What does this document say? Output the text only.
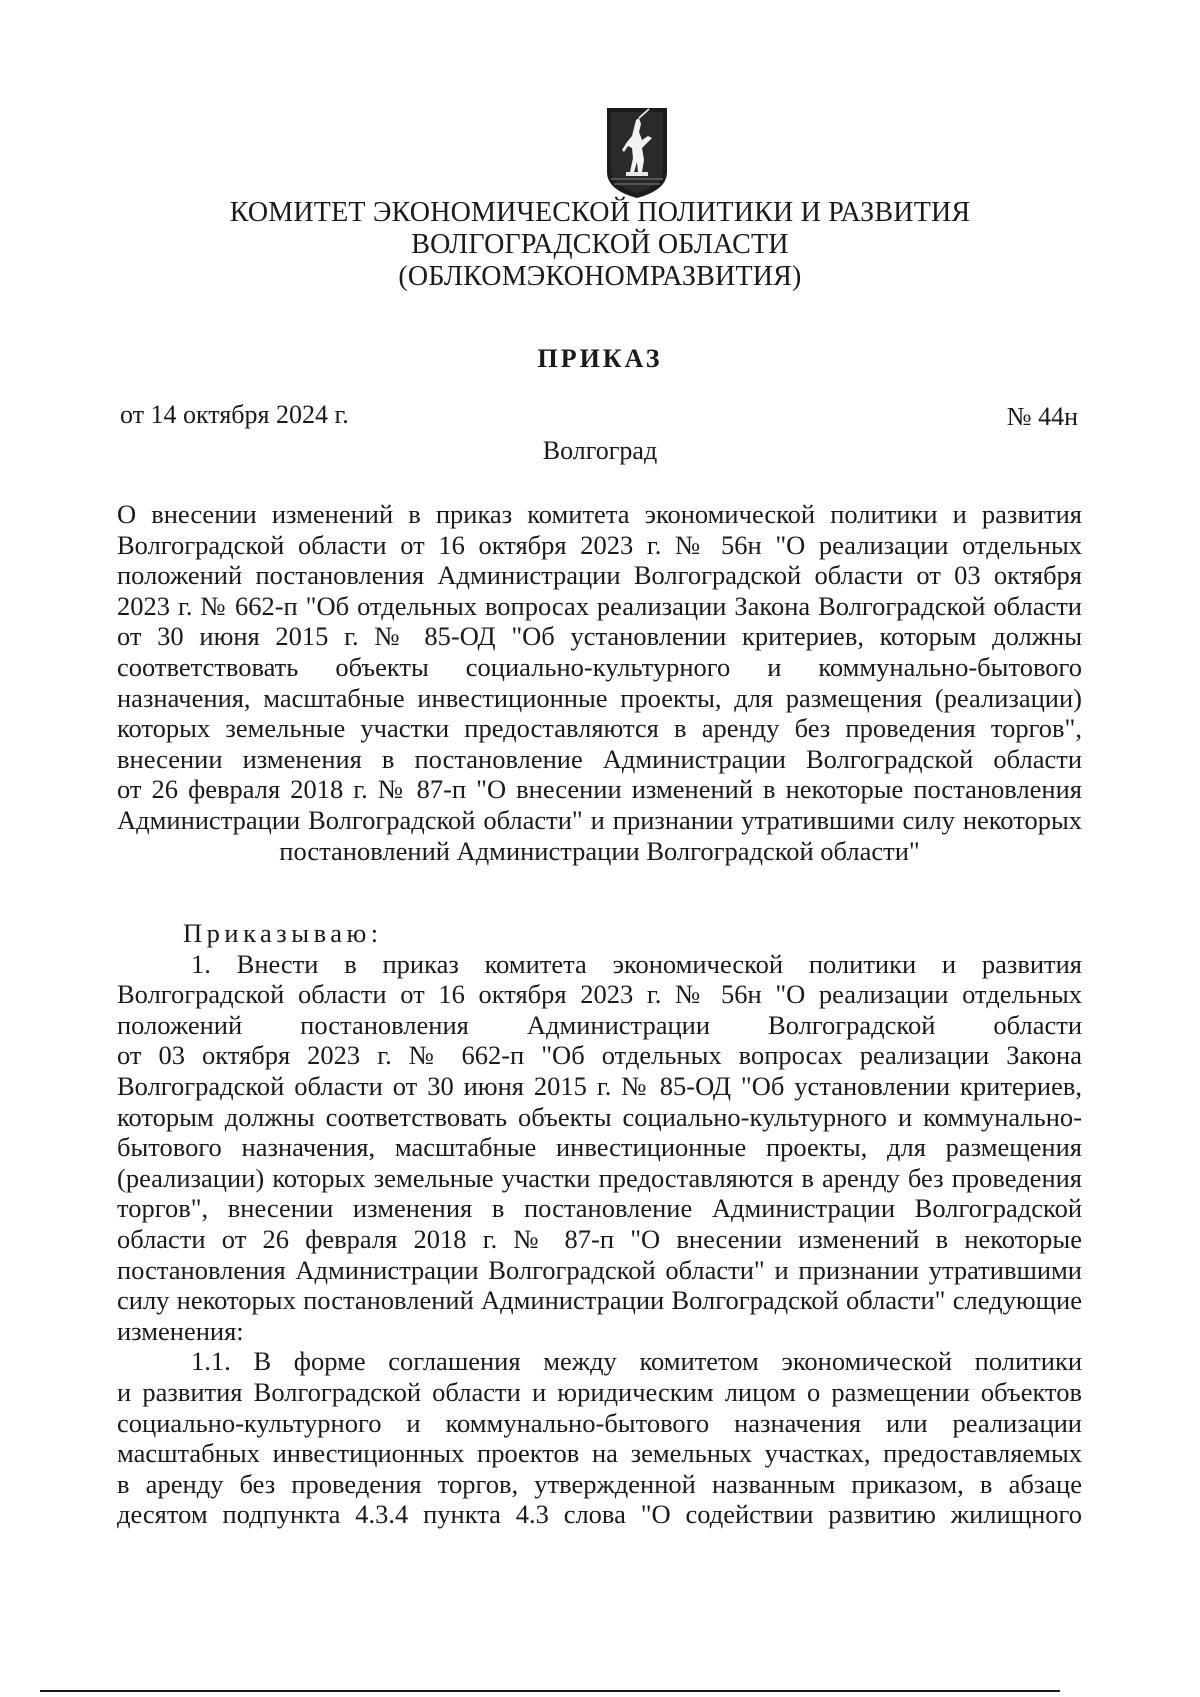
КОМИТЕТ ЭКОНОМИЧЕСКОЙ ПОЛИТИКИ И РАЗВИТИЯ
ВОЛГОГРАДСКОЙ ОБЛАСТИ
(ОБЛКОМЭКОНОМРАЗВИТИЯ)
ПРИКАЗ
от 14 октября 2024 г.	№ 44н
Волгоград
О внесении изменений в приказ комитета экономической политики и развития
Волгоградской области от 16 октября 2023 г. № 56н "О реализации отдельных
положений постановления Администрации Волгоградской области от 03 октября
2023 г. № 662-п "Об отдельных вопросах реализации Закона Волгоградской области
от 30 июня 2015 г. № 85-ОД "Об установлении критериев, которым должны
соответствовать объекты социально-культурного и коммунально-бытового
назначения, масштабные инвестиционные проекты, для размещения (реализации)
которых земельные участки предоставляются в аренду без проведения торгов",
внесении изменения в постановление Администрации Волгоградской области
от 26 февраля 2018 г. № 87-п "О внесении изменений в некоторые постановления
Администрации Волгоградской области" и признании утратившими силу некоторых
постановлений Администрации Волгоградской области"
Приказываю:
1. Внести в приказ комитета экономической политики и развития
Волгоградской области от 16 октября 2023 г. № 56н "О реализации отдельных
положений постановления Администрации Волгоградской области
от 03 октября 2023 г. № 662-п "Об отдельных вопросах реализации Закона
Волгоградской области от 30 июня 2015 г. № 85-ОД "Об установлении критериев,
которым должны соответствовать объекты социально-культурного и коммунально-
бытового назначения, масштабные инвестиционные проекты, для размещения
(реализации) которых земельные участки предоставляются в аренду без проведения
торгов", внесении изменения в постановление Администрации Волгоградской
области от 26 февраля 2018 г. № 87-п "О внесении изменений в некоторые
постановления Администрации Волгоградской области" и признании утратившими
силу некоторых постановлений Администрации Волгоградской области" следующие
изменения:
1.1. В форме соглашения между комитетом экономической политики
и развития Волгоградской области и юридическим лицом о размещении объектов
социально-культурного и коммунально-бытового назначения или реализации
масштабных инвестиционных проектов на земельных участках, предоставляемых
в аренду без проведения торгов, утвержденной названным приказом, в абзаце
десятом подпункта 4.3.4 пункта 4.3 слова "О содействии развитию жилищного
